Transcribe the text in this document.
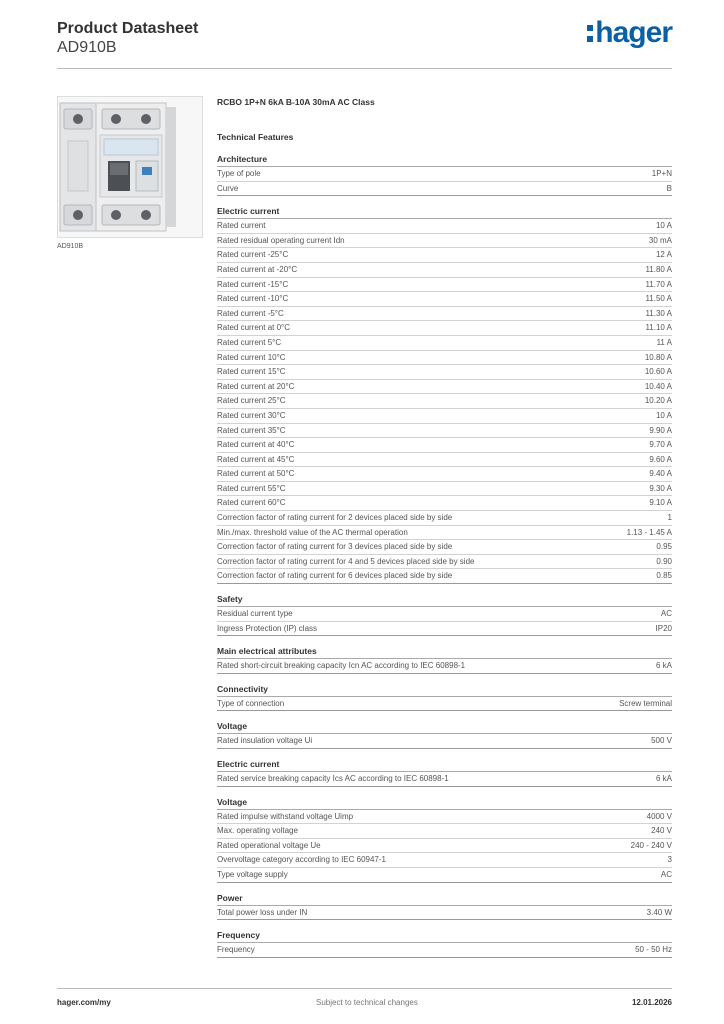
Product Datasheet
AD910B	hager
AD910B
RCBO 1P+N 6kA B-10A 30mA AC Class
Technical Features
Architecture
Type of pole	1P+N
Curve	B
Electric current
Rated current	10 A
Rated residual operating current Idn	30 mA
Rated current -25°C	12 A
Rated current at -20°C	11.80 A
Rated current -15°C	11.70 A
Rated current -10°C	11.50 A
Rated current -5°C	11.30 A
Rated current at 0°C	11.10 A
Rated current 5°C	11 A
Rated current 10°C	10.80 A
Rated current 15°C	10.60 A
Rated current at 20°C	10.40 A
Rated current 25°C	10.20 A
Rated current 30°C	10 A
Rated current 35°C	9.90 A
Rated current at 40°C	9.70 A
Rated current at 45°C	9.60 A
Rated current at 50°C	9.40 A
Rated current 55°C	9.30 A
Rated current 60°C	9.10 A
Correction factor of rating current for 2 devices placed side by side	1
Min./max. threshold value of the AC thermal operation	1.13 - 1.45 A
Correction factor of rating current for 3 devices placed side by side	0.95
Correction factor of rating current for 4 and 5 devices placed side by side	0.90
Correction factor of rating current for 6 devices placed side by side	0.85
Safety
Residual current type	AC
Ingress Protection (IP) class	IP20
Main electrical attributes
Rated short-circuit breaking capacity Icn AC according to IEC 60898-1	6 kA
Connectivity
Type of connection	Screw terminal
Voltage
Rated insulation voltage Ui	500 V
Electric current
Rated service breaking capacity Ics AC according to IEC 60898-1	6 kA
Voltage
Rated impulse withstand voltage Uimp	4000 V
Max. operating voltage	240 V
Rated operational voltage Ue	240 - 240 V
Overvoltage category according to IEC 60947-1	3
Type voltage supply	AC
Power
Total power loss under IN	3.40 W
Frequency
Frequency	50 - 50 Hz
hager.com/my	Subject to technical changes	12.01.2026
